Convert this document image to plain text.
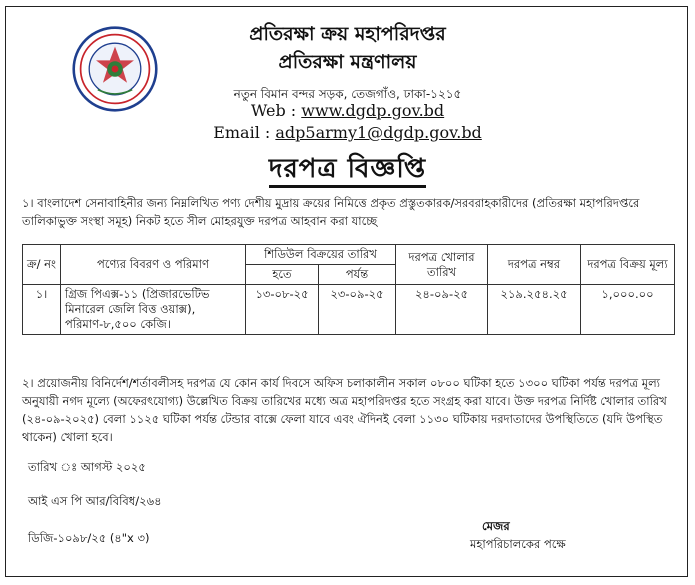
প্রতিরক্ষা ক্রয় মহাপরিদপ্তর
প্রতিরক্ষা মন্ত্রণালয়
নতুন বিমান বন্দর সড়ক, তেজগাঁও, ঢাকা-১২১৫
Web : www.dgdp.gov.bd
Email : adp5army1@dgdp.gov.bd
দরপত্র বিজ্ঞপ্তি
১। বাংলাদেশ সেনাবাহিনীর জন্য নিম্নলিখিত পণ্য দেশীয় মুদ্রায় ক্রয়ের নিমিত্তে প্রকৃত প্রস্তুতকারক/সরবরাহকারীদের (প্রতিরক্ষা মহাপরিদপ্তরে তালিকাভুক্ত সংস্থা সমূহ) নিকট হতে সীল মোহরযুক্ত দরপত্র আহবান করা যাচ্ছে
ক্র/ নং	পণ্যের বিবরণ ও পরিমাণ	শিডিউল বিক্রয়ের তারিখ		দরপত্র খোলার তারিখ	দরপত্র নম্বর	দরপত্র বিক্রয় মূল্য
		হতে	পর্যন্ত			
১।	গ্রিজ পিএক্স-১১ (প্রিজারভেটিভ মিনারেল জেলি বিত্ত ওয়াক্স), পরিমাণ-৮,৫০০ কেজি।	১৩-০৮-২৫	২৩-০৯-২৫	২৪-০৯-২৫	২১৯.২৫৪.২৫	১,০০০.০০
২। প্রয়োজনীয় বিনির্দেশ/শর্তাবলীসহ দরপত্র যে কোন কার্য দিবসে অফিস চলাকালীন সকাল ০৮০০ ঘটিকা হতে ১৩০০ ঘটিকা পর্যন্ত দরপত্র মূল্য অনুযায়ী নগদ মূল্যে (অফেরৎযোগ্য) উল্লেখিত বিক্রয় তারিখের মধ্যে অত্র মহাপরিদপ্তর হতে সংগ্রহ করা যাবে। উক্ত দরপত্র নির্দিষ্ট খোলার তারিখ (২৪-০৯-২০২৫) বেলা ১১২৫ ঘটিকা পর্যন্ত টেন্ডার বাক্সে ফেলা যাবে এবং ঐদিনই বেলা ১১৩০ ঘটিকায় দরদাতাদের উপস্থিতিতে (যদি উপস্থিত থাকেন) খোলা হবে।
তারিখ ঃ আগস্ট ২০২৫
আই এস পি আর/বিবিধ/২৬৪
ডিজি-১০৯৮/২৫ (৪"x ৩)
মেজর
মহাপরিচালকের পক্ষে
